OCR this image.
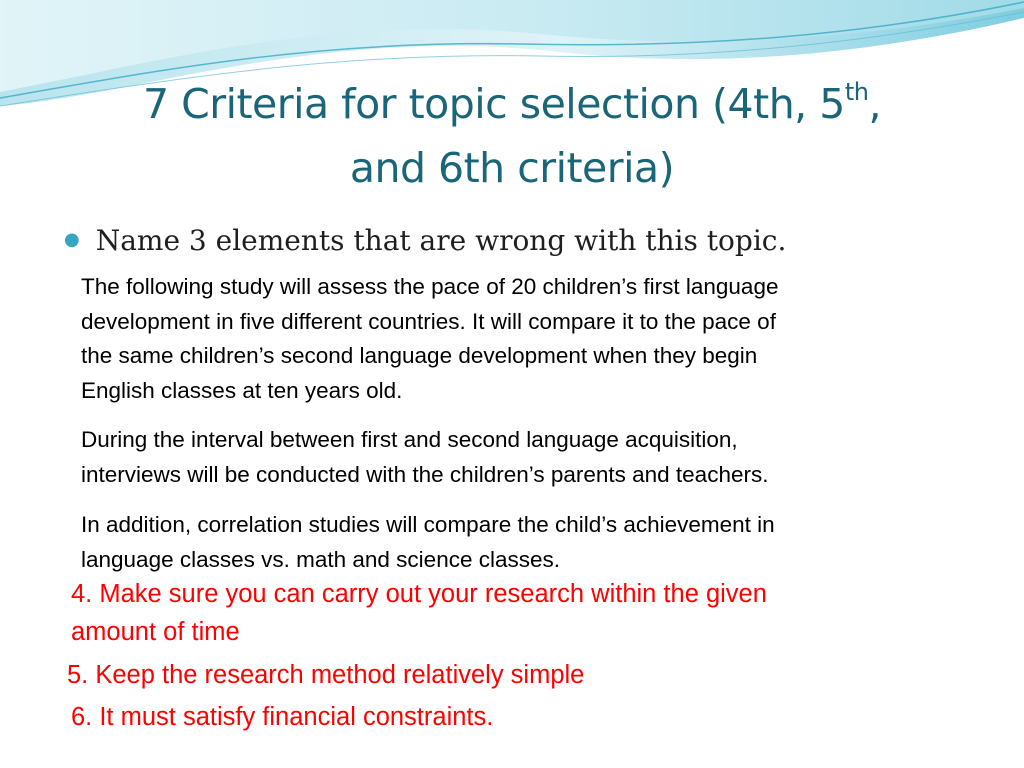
7 Criteria for topic selection (4th, 5th,
and 6th criteria)
● Name 3 elements that are wrong with this topic.
The following study will assess the pace of 20 children’s first language
development in five different countries. It will compare it to the pace of
the same children’s second language development when they begin
English classes at ten years old.
During the interval between first and second language acquisition,
interviews will be conducted with the children’s parents and teachers.
In addition, correlation studies will compare the child’s achievement in
language classes vs. math and science classes.
4. Make sure you can carry out your research within the given
amount of time
5. Keep the research method relatively simple
6. It must satisfy financial constraints.
